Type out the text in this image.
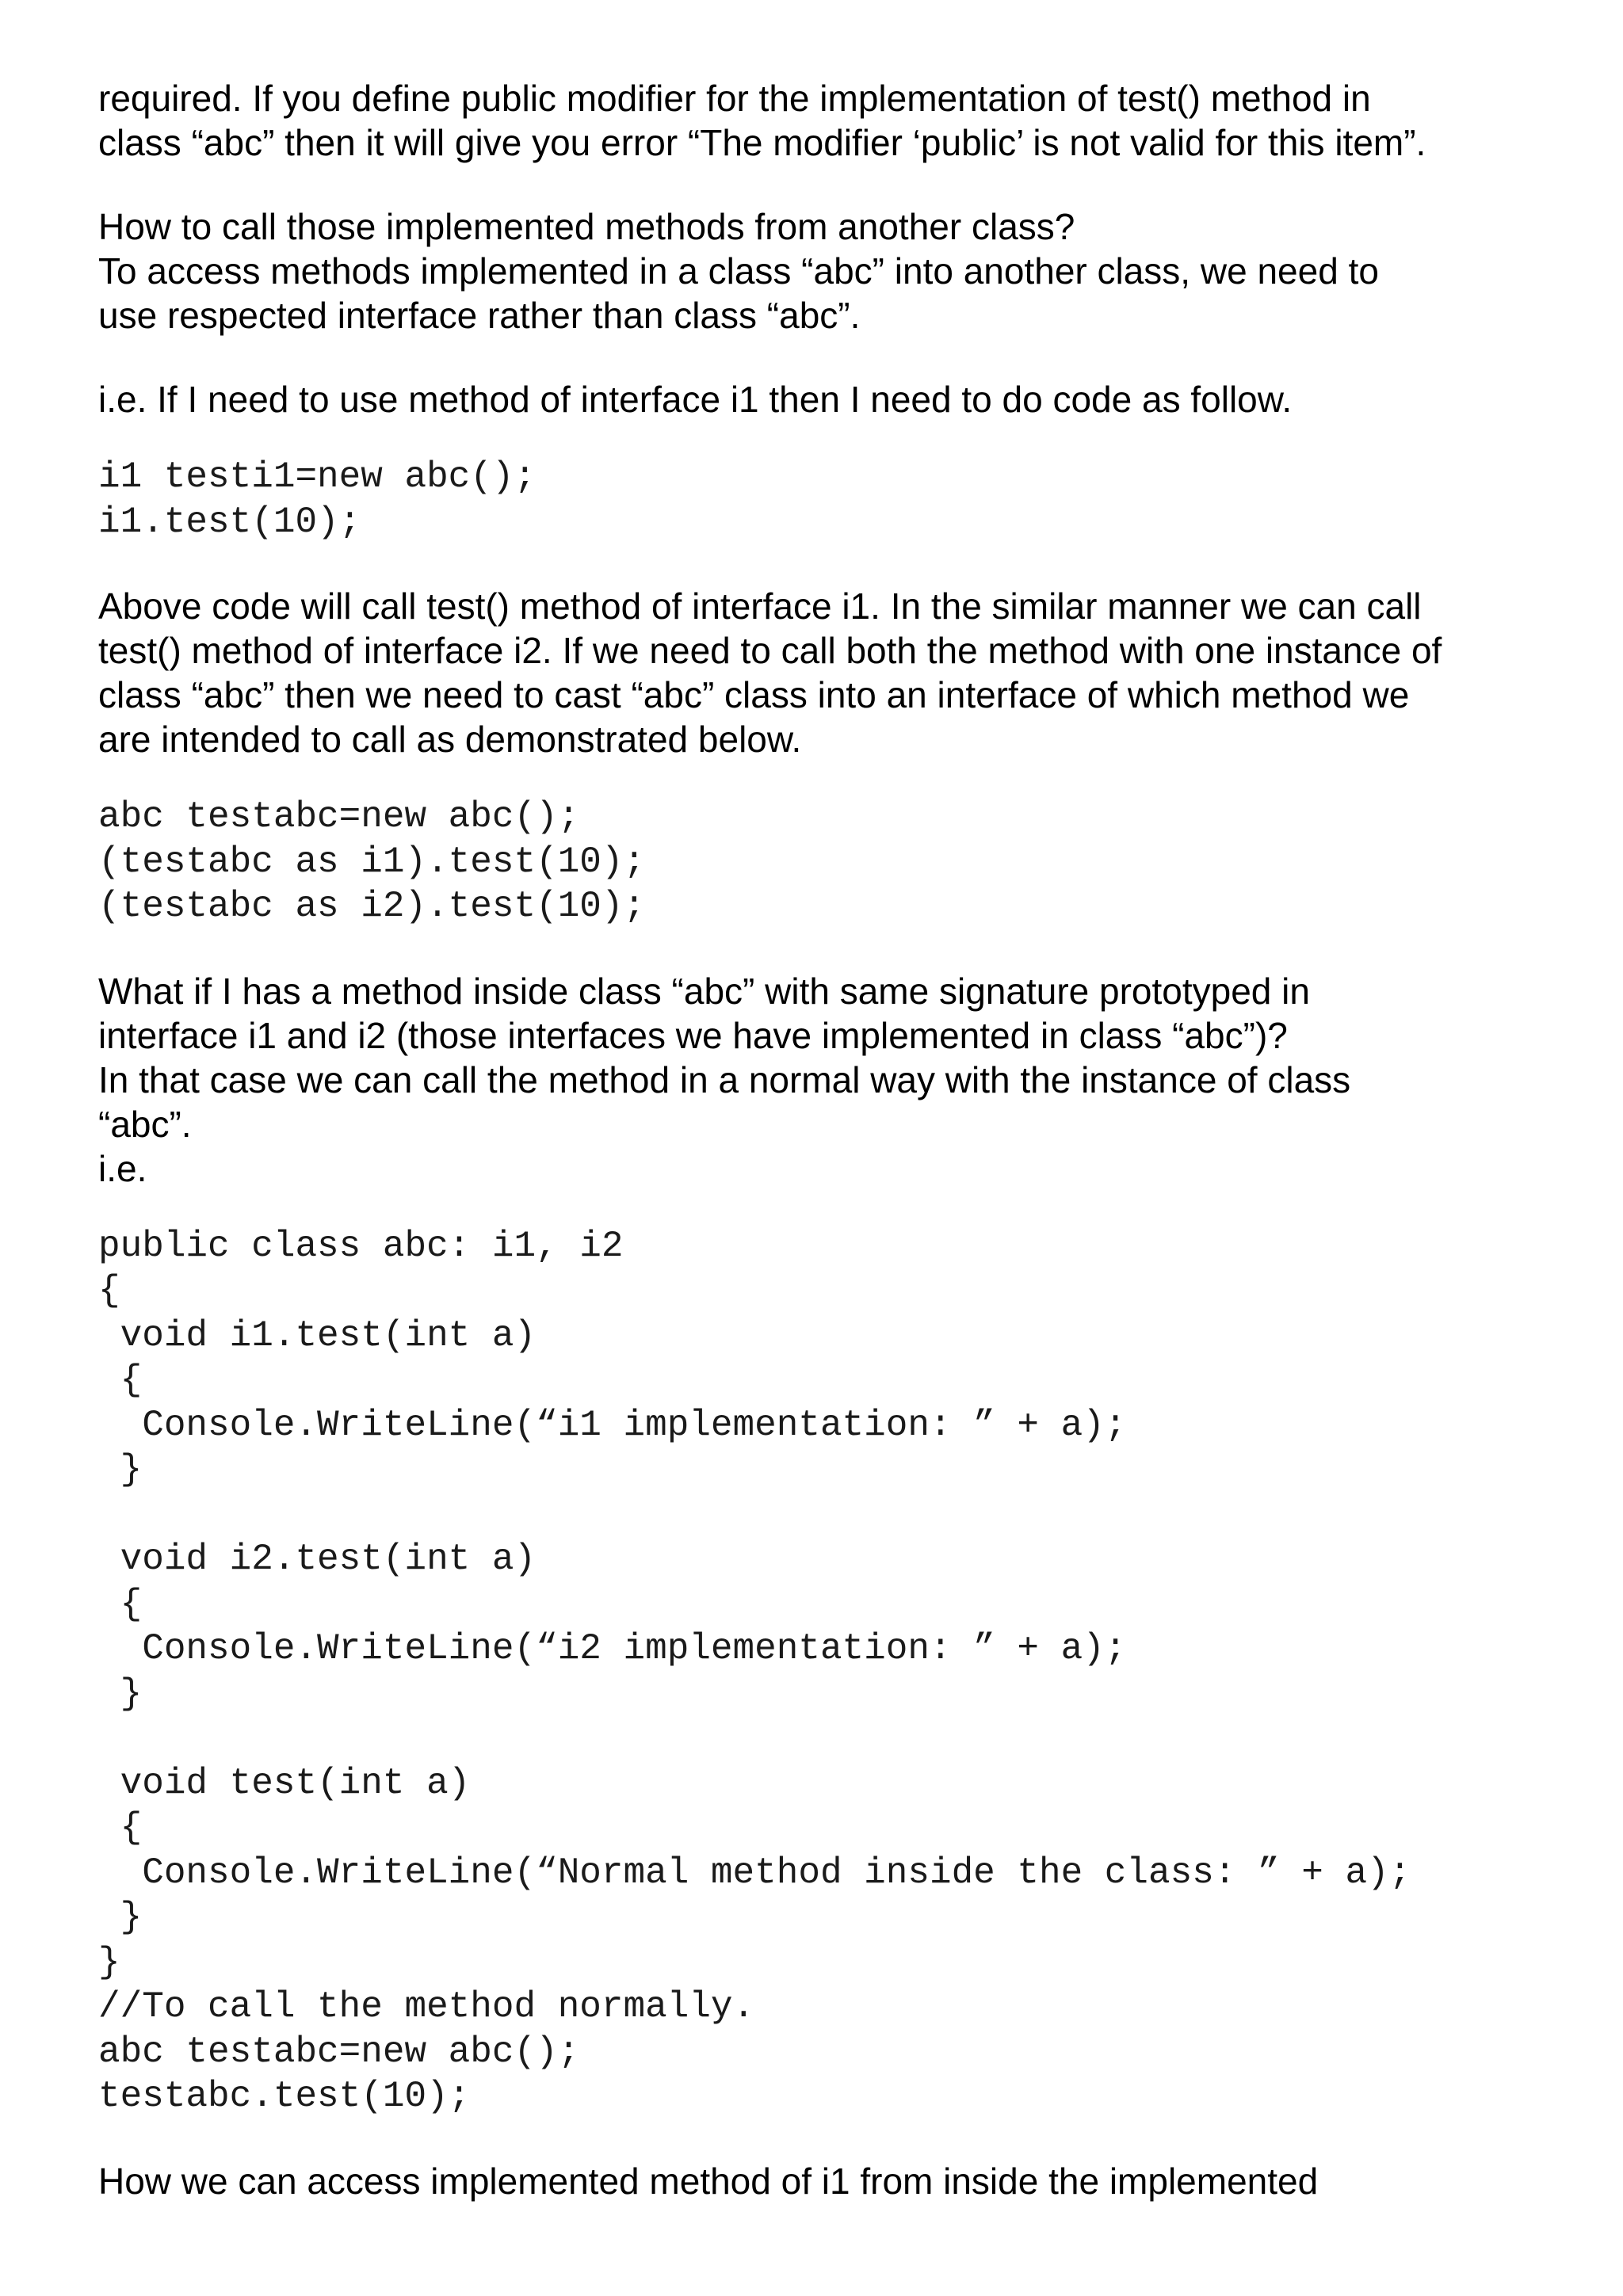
required. If you define public modifier for the implementation of test() method in
class “abc” then it will give you error “The modifier ‘public’ is not valid for this item”.

How to call those implemented methods from another class?
To access methods implemented in a class “abc” into another class, we need to
use respected interface rather than class “abc”.

i.e. If I need to use method of interface i1 then I need to do code as follow.

i1 testi1=new abc();
i1.test(10);

Above code will call test() method of interface i1. In the similar manner we can call
test() method of interface i2. If we need to call both the method with one instance of
class “abc” then we need to cast “abc” class into an interface of which method we
are intended to call as demonstrated below.

abc testabc=new abc();
(testabc as i1).test(10);
(testabc as i2).test(10);

What if I has a method inside class “abc” with same signature prototyped in
interface i1 and i2 (those interfaces we have implemented in class “abc”)?
In that case we can call the method in a normal way with the instance of class
“abc”.
i.e.

public class abc: i1, i2
{
void i1.test(int a)
{
Console.WriteLine(“i1 implementation: ” + a);
}

void i2.test(int a)
{
Console.WriteLine(“i2 implementation: ” + a);
}

void test(int a)
{
Console.WriteLine(“Normal method inside the class: ” + a);
}
}
//To call the method normally.
abc testabc=new abc();
testabc.test(10);

How we can access implemented method of i1 from inside the implemented
